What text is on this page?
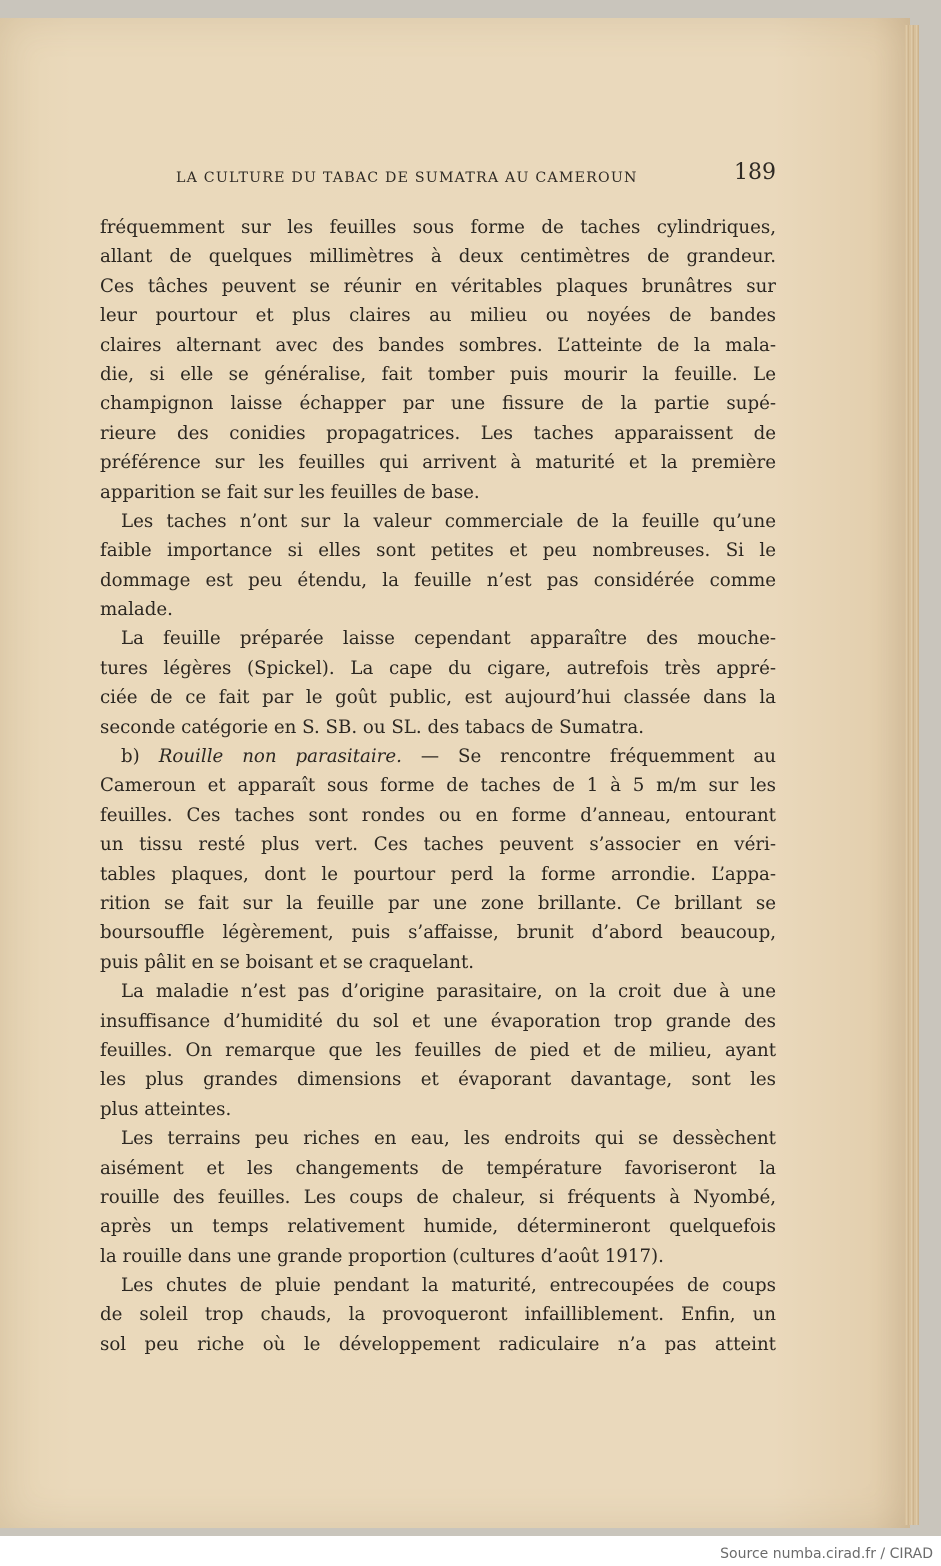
LA CULTURE DU TABAC DE SUMATRA AU CAMEROUN	189
fréquemment sur les feuilles sous forme de taches cylindriques,
allant de quelques millimètres à deux centimètres de grandeur.
Ces tâches peuvent se réunir en véritables plaques brunâtres sur
leur pourtour et plus claires au milieu ou noyées de bandes
claires alternant avec des bandes sombres. L’atteinte de la mala-
die, si elle se généralise, fait tomber puis mourir la feuille. Le
champignon laisse échapper par une fissure de la partie supé-
rieure des conidies propagatrices. Les taches apparaissent de
préférence sur les feuilles qui arrivent à maturité et la première
apparition se fait sur les feuilles de base.
Les taches n’ont sur la valeur commerciale de la feuille qu’une
faible importance si elles sont petites et peu nombreuses. Si le
dommage est peu étendu, la feuille n’est pas considérée comme
malade.
La feuille préparée laisse cependant apparaître des mouche-
tures légères (Spickel). La cape du cigare, autrefois très appré-
ciée de ce fait par le goût public, est aujourd’hui classée dans la
seconde catégorie en S. SB. ou SL. des tabacs de Sumatra.
b) Rouille non parasitaire. — Se rencontre fréquemment au
Cameroun et apparaît sous forme de taches de 1 à 5 m/m sur les
feuilles. Ces taches sont rondes ou en forme d’anneau, entourant
un tissu resté plus vert. Ces taches peuvent s’associer en véri-
tables plaques, dont le pourtour perd la forme arrondie. L’appa-
rition se fait sur la feuille par une zone brillante. Ce brillant se
boursouffle légèrement, puis s’affaisse, brunit d’abord beaucoup,
puis pâlit en se boisant et se craquelant.
La maladie n’est pas d’origine parasitaire, on la croit due à une
insuffisance d’humidité du sol et une évaporation trop grande des
feuilles. On remarque que les feuilles de pied et de milieu, ayant
les plus grandes dimensions et évaporant davantage, sont les
plus atteintes.
Les terrains peu riches en eau, les endroits qui se dessèchent
aisément et les changements de température favoriseront la
rouille des feuilles. Les coups de chaleur, si fréquents à Nyombé,
après un temps relativement humide, détermineront quelquefois
la rouille dans une grande proportion (cultures d’août 1917).
Les chutes de pluie pendant la maturité, entrecoupées de coups
de soleil trop chauds, la provoqueront infailliblement. Enfin, un
sol peu riche où le développement radiculaire n’a pas atteint
Source numba.cirad.fr / CIRAD
